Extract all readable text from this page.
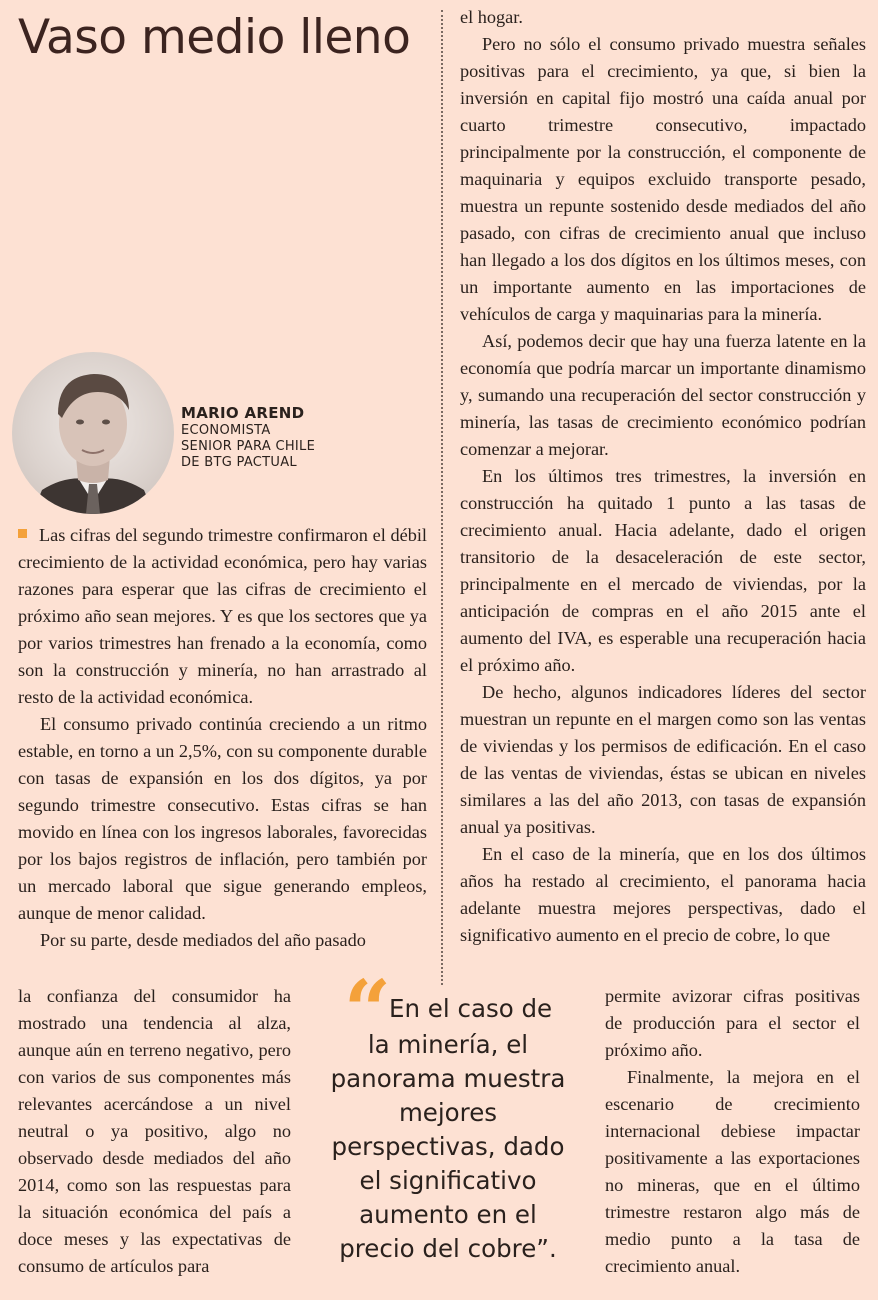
Vaso medio lleno
MARIO AREND
ECONOMISTA
SENIOR PARA CHILE
DE BTG PACTUAL

Las cifras del segundo trimestre confirmaron el débil crecimiento de la actividad económica, pero hay varias razones para esperar que las cifras de crecimiento el próximo año sean mejores. Y es que los sectores que ya por varios trimestres han frenado a la economía, como son la construcción y minería, no han arrastrado al resto de la actividad económica.

El consumo privado continúa creciendo a un ritmo estable, en torno a un 2,5%, con su componente durable con tasas de expansión en los dos dígitos, ya por segundo trimestre consecutivo. Estas cifras se han movido en línea con los ingresos laborales, favorecidas por los bajos registros de inflación, pero también por un mercado laboral que sigue generando empleos, aunque de menor calidad.

Por su parte, desde mediados del año pasado

la confianza del consumidor ha mostrado una tendencia al alza, aunque aún en terreno negativo, pero con varios de sus componentes más relevantes acercándose a un nivel neutral o ya positivo, algo no observado desde mediados del año 2014, como son las respuestas para la situación económica del país a doce meses y las expectativas de consumo de artículos para

el hogar.

Pero no sólo el consumo privado muestra señales positivas para el crecimiento, ya que, si bien la inversión en capital fijo mostró una caída anual por cuarto trimestre consecutivo, impactado principalmente por la construcción, el componente de maquinaria y equipos excluido transporte pesado, muestra un repunte sostenido desde mediados del año pasado, con cifras de crecimiento anual que incluso han llegado a los dos dígitos en los últimos meses, con un importante aumento en las importaciones de vehículos de carga y maquinarias para la minería.

Así, podemos decir que hay una fuerza latente en la economía que podría marcar un importante dinamismo y, sumando una recuperación del sector construcción y minería, las tasas de crecimiento económico podrían comenzar a mejorar.

En los últimos tres trimestres, la inversión en construcción ha quitado 1 punto a las tasas de crecimiento anual. Hacia adelante, dado el origen transitorio de la desaceleración de este sector, principalmente en el mercado de viviendas, por la anticipación de compras en el año 2015 ante el aumento del IVA, es esperable una recuperación hacia el próximo año.

De hecho, algunos indicadores líderes del sector muestran un repunte en el margen como son las ventas de viviendas y los permisos de edificación. En el caso de las ventas de viviendas, éstas se ubican en niveles similares a las del año 2013, con tasas de expansión anual ya positivas.

En el caso de la minería, que en los dos últimos años ha restado al crecimiento, el panorama hacia adelante muestra mejores perspectivas, dado el significativo aumento en el precio de cobre, lo que

permite avizorar cifras positivas de producción para el sector el próximo año.

Finalmente, la mejora en el escenario de crecimiento internacional debiese impactar positivamente a las exportaciones no mineras, que en el último trimestre restaron algo más de medio punto a la tasa de crecimiento anual.

“ En el caso de la minería, el panorama muestra mejores perspectivas, dado el significativo aumento en el precio del cobre”.
